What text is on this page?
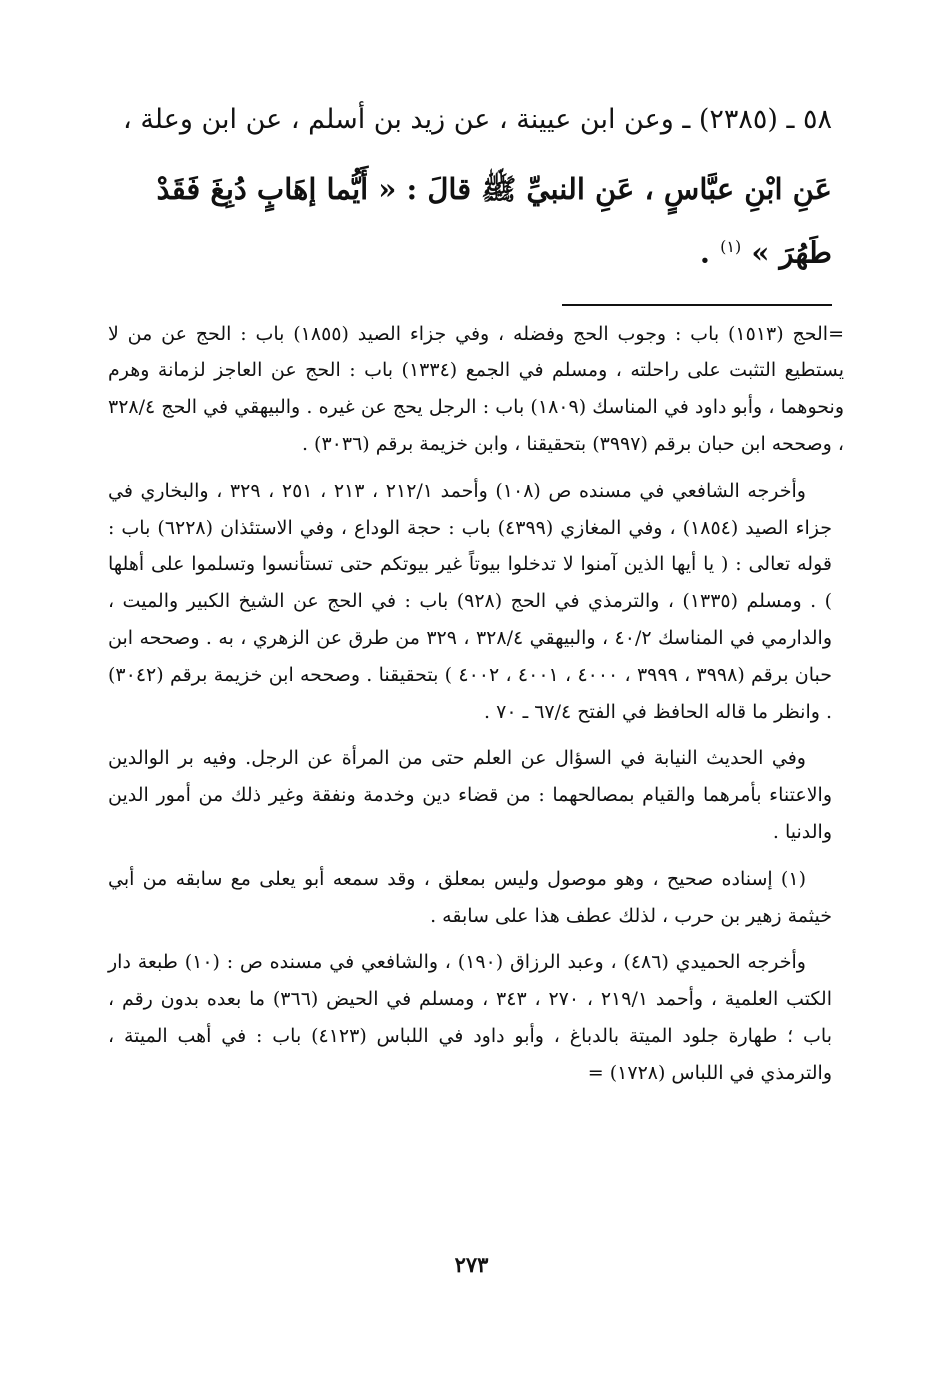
٥٨ ـ (٢٣٨٥) ـ وعن ابن عيينة ، عن زيد بن أسلم ، عن ابن وعلة ،

عَنِ ابْنِ عبَّاسٍ ، عَنِ النبيِّ ﷺ قالَ : « أَيُّما إهَابٍ دُبِغَ فَقَدْ طَهُرَ » $^{(١)}$ .

=الحج (١٥١٣) باب : وجوب الحج وفضله ، وفي جزاء الصيد (١٨٥٥) باب : الحج عن من لا يستطيع التثبت على راحلته ، ومسلم في الجمع (١٣٣٤) باب : الحج عن العاجز لزمانة وهرم ونحوهما ، وأبو داود في المناسك (١٨٠٩) باب : الرجل يحج عن غيره . والبيهقي في الحج ٣٢٨/٤ ، وصححه ابن حبان برقم (٣٩٩٧) بتحقيقنا ، وابن خزيمة برقم (٣٠٣٦) .

وأخرجه الشافعي في مسنده ص (١٠٨) وأحمد ٢١٢/١ ، ٢١٣ ، ٢٥١ ، ٣٢٩ ، والبخاري في جزاء الصيد (١٨٥٤) ، وفي المغازي (٤٣٩٩) باب : حجة الوداع ، وفي الاستئذان (٦٢٢٨) باب : قوله تعالى : ( يا أيها الذين آمنوا لا تدخلوا بيوتاً غير بيوتكم حتى تستأنسوا وتسلموا على أهلها ) . ومسلم (١٣٣٥) ، والترمذي في الحج (٩٢٨) باب : في الحج عن الشيخ الكبير والميت ، والدارمي في المناسك ٤٠/٢ ، والبيهقي ٣٢٨/٤ ، ٣٢٩ من طرق عن الزهري ، به . وصححه ابن حبان برقم (٣٩٩٨ ، ٣٩٩٩ ، ٤٠٠٠ ، ٤٠٠١ ، ٤٠٠٢ ) بتحقيقنا . وصححه ابن خزيمة برقم (٣٠٤٢) . وانظر ما قاله الحافظ في الفتح ٦٧/٤ ـ ٧٠ .

وفي الحديث النيابة في السؤال عن العلم حتى من المرأة عن الرجل. وفيه بر الوالدين والاعتناء بأمرهما والقيام بمصالحهما : من قضاء دين وخدمة ونفقة وغير ذلك من أمور الدين والدنيا .

(١) إسناده صحيح ، وهو موصول وليس بمعلق ، وقد سمعه أبو يعلى مع سابقه من أبي خيثمة زهير بن حرب ، لذلك عطف هذا على سابقه .

وأخرجه الحميدي (٤٨٦) ، وعبد الرزاق (١٩٠) ، والشافعي في مسنده ص : (١٠) طبعة دار الكتب العلمية ، وأحمد ٢١٩/١ ، ٢٧٠ ، ٣٤٣ ، ومسلم في الحيض (٣٦٦) ما بعده بدون رقم ، باب ؛ طهارة جلود الميتة بالدباغ ، وأبو داود في اللباس (٤١٢٣) باب : في أهب الميتة ، والترمذي في اللباس (١٧٢٨) =

٢٧٣
